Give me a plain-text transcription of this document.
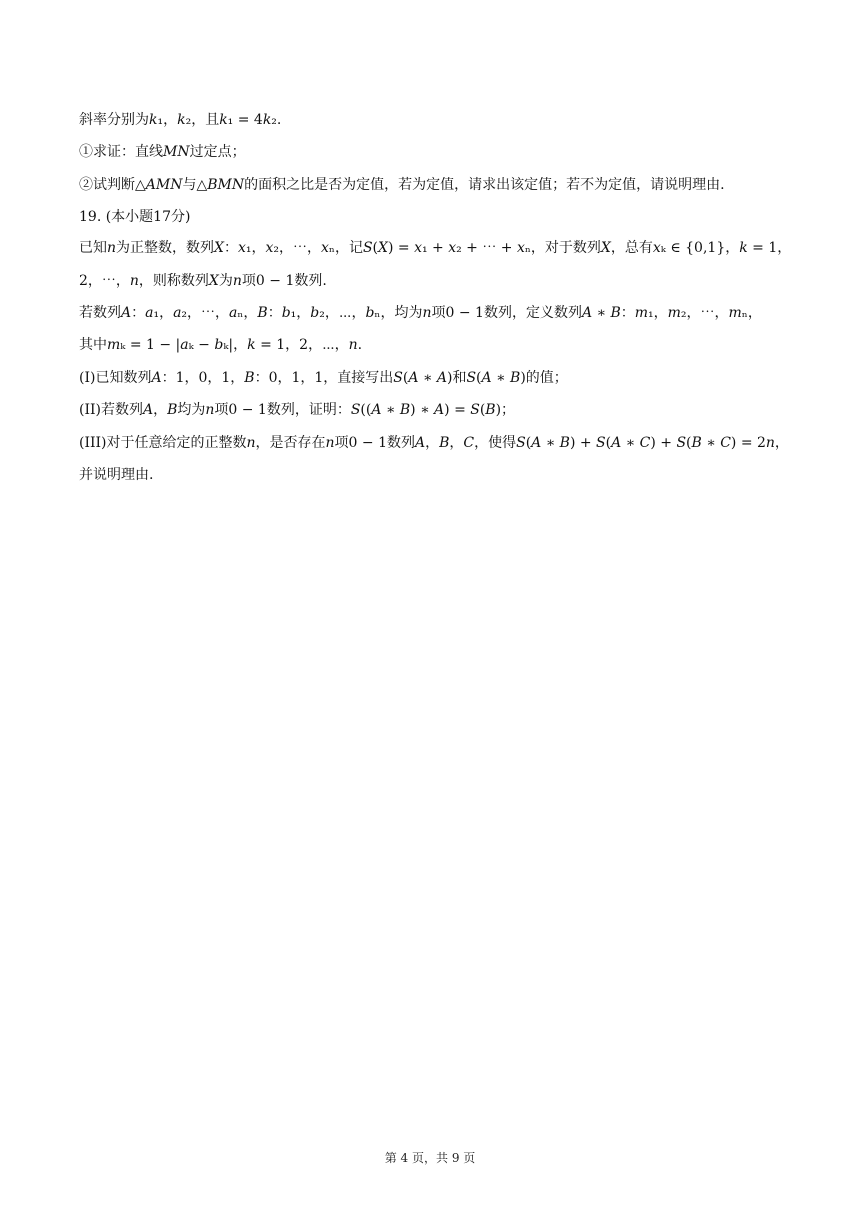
斜率分别为𝑘₁，𝑘₂，且𝑘₁ = 4𝑘₂.
①求证：直线𝑀𝑁过定点；
②试判断△𝐴𝑀𝑁与△𝐵𝑀𝑁的面积之比是否为定值，若为定值，请求出该定值；若不为定值，请说明理由.
19. (本小题17分)
已知𝑛为正整数，数列𝑋：𝑥₁，𝑥₂，⋯，𝑥ₙ，记𝑆(𝑋) = 𝑥₁ + 𝑥₂ + ⋯ + 𝑥ₙ，对于数列𝑋，总有𝑥ₖ ∈ {0,1}，𝑘 = 1，
2，⋯，𝑛，则称数列𝑋为𝑛项0 − 1数列.
若数列𝐴：𝑎₁，𝑎₂，⋯，𝑎ₙ，𝐵：𝑏₁，𝑏₂，⋯，𝑏ₙ，均为𝑛项0 − 1数列，定义数列𝐴 ∗ 𝐵：𝑚₁，𝑚₂，⋯，𝑚ₙ，
其中𝑚ₖ = 1 − |𝑎ₖ − 𝑏ₖ|，𝑘 = 1，2，⋯，𝑛.
(I)已知数列𝐴：1，0，1，𝐵：0，1，1，直接写出𝑆(𝐴 ∗ 𝐴)和𝑆(𝐴 ∗ 𝐵)的值；
(II)若数列𝐴，𝐵均为𝑛项0 − 1数列，证明：𝑆((𝐴 ∗ 𝐵) ∗ 𝐴) = 𝑆(𝐵)；
(III)对于任意给定的正整数𝑛，是否存在𝑛项0 − 1数列𝐴，𝐵，𝐶，使得𝑆(𝐴 ∗ 𝐵) + 𝑆(𝐴 ∗ 𝐶) + 𝑆(𝐵 ∗ 𝐶) = 2𝑛，
并说明理由.
第 4 页，共 9 页
